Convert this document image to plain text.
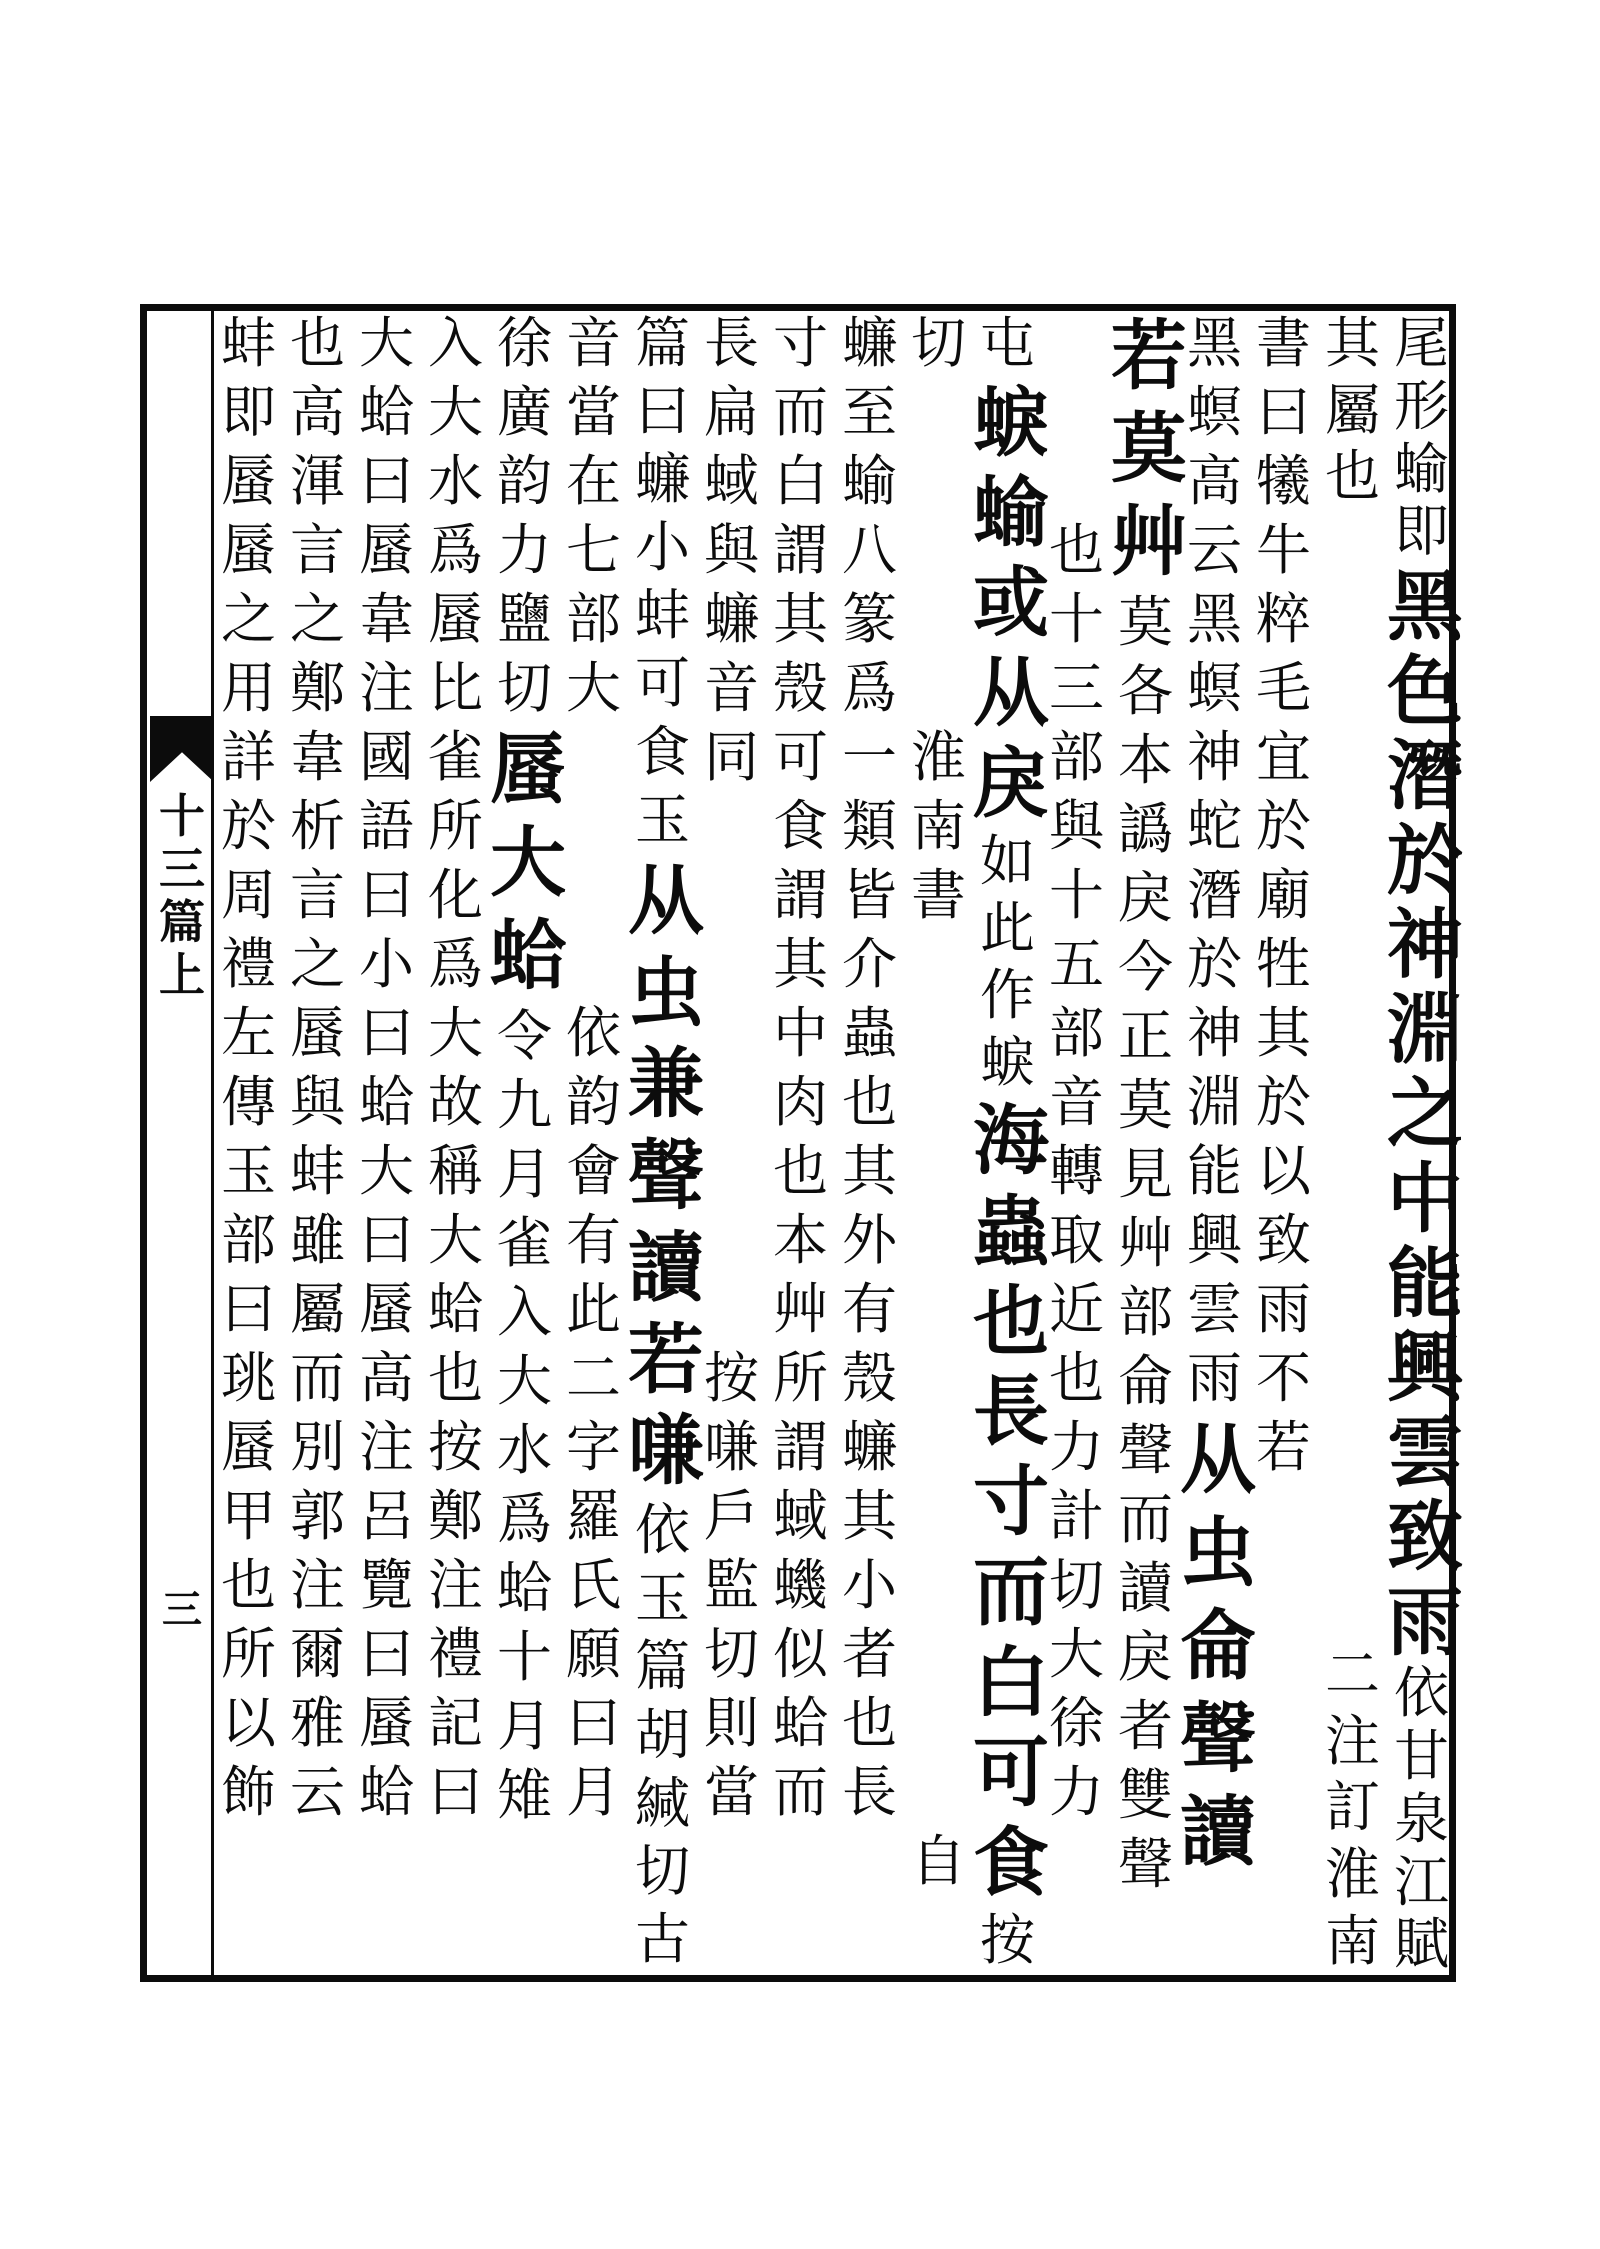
十
三
篇
上
三
尾
形
蝓
即
黑
色
潛
於
神
淵
之
中
能
興
雲
致
雨
依
甘
泉
江
賦
其
屬
也
二
注
訂
淮
南
書
曰
犧
牛
粹
毛
宜
於
廟
牲
其
於
以
致
雨
不
若
黑
螟
高
云
黑
螟
神
蛇
潛
於
神
淵
能
興
雲
雨
从
虫
侖
聲
讀
若
莫
艸
莫
各
本
譌
戾
今
正
莫
見
艸
部
侖
聲
而
讀
戾
者
雙
聲
也
十
三
部
與
十
五
部
音
轉
取
近
也
力
計
切
大
徐
力
屯
蜧
蝓
或
从
戾
如
此
作
蜧
海
蟲
也
長
寸
而
白
可
食
按
切
淮
南
書
自
蠊
至
蝓
八
篆
爲
一
類
皆
介
蟲
也
其
外
有
殼
蠊
其
小
者
也
長
寸
而
白
謂
其
殼
可
食
謂
其
中
肉
也
本
艸
所
謂
蜮
蟣
似
蛤
而
長
扁
蜮
與
蠊
音
同
按
嗛
戶
監
切
則
當
篇
曰
蠊
小
蚌
可
食
玉
从
虫
兼
聲
讀
若
嗛
依
玉
篇
胡
緘
切
古
音
當
在
七
部
大
依
韵
會
有
此
二
字
羅
氏
願
曰
月
徐
廣
韵
力
鹽
切
蜃
大
蛤
令
九
月
雀
入
大
水
爲
蛤
十
月
雉
入
大
水
爲
蜃
比
雀
所
化
爲
大
故
稱
大
蛤
也
按
鄭
注
禮
記
曰
大
蛤
曰
蜃
韋
注
國
語
曰
小
曰
蛤
大
曰
蜃
高
注
呂
覽
曰
蜃
蛤
也
高
渾
言
之
鄭
韋
析
言
之
蜃
與
蚌
雖
屬
而
別
郭
注
爾
雅
云
蚌
即
蜃
蜃
之
用
詳
於
周
禮
左
傳
玉
部
曰
珧
蜃
甲
也
所
以
飾
